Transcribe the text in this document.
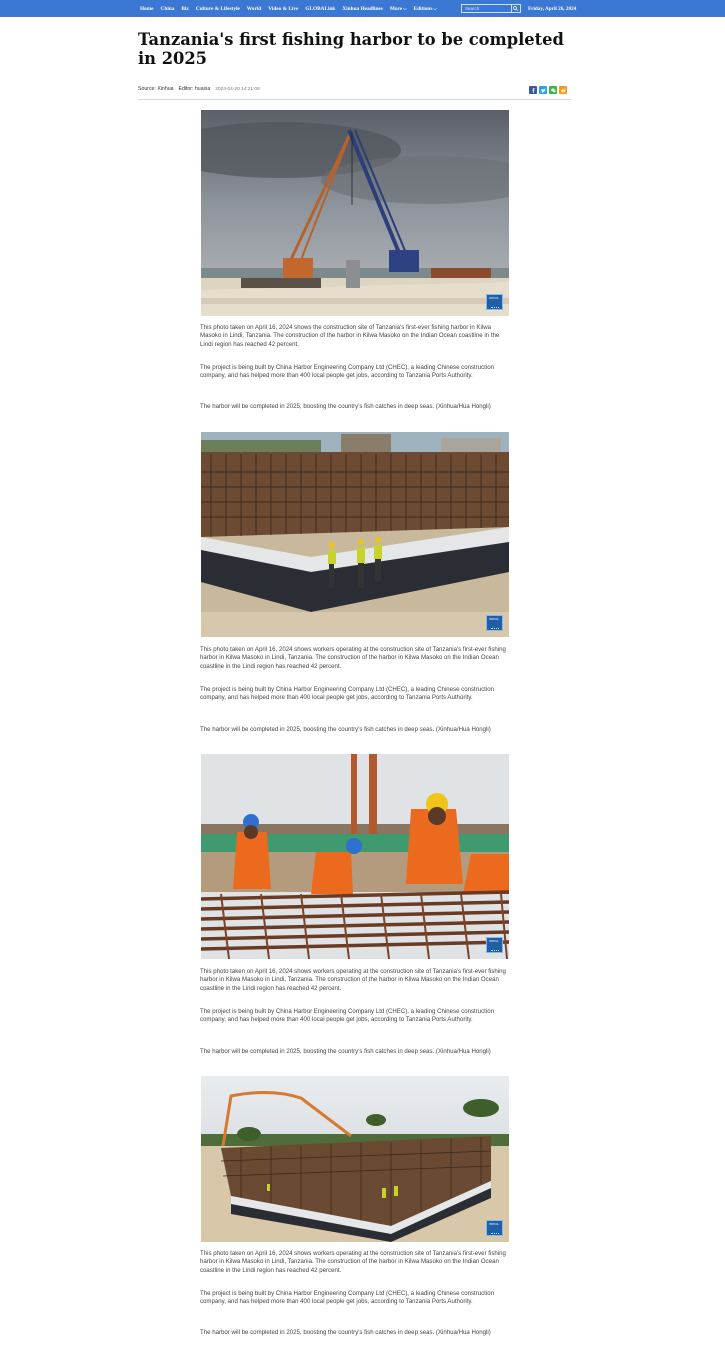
Home China Biz Culture & Lifestyle World Video & Live GLOBALink Xinhua Headlines More⌵ Editions⌵
Search	Friday, April 26, 2024
Tanzania's first fishing harbor to be completed in 2025
Source: Xinhua Editor: huaxia 2024-04-20 14:21:08
XINHUA

This photo taken on April 16, 2024 shows the construction site of Tanzania's first-ever fishing harbor in Kilwa Masoko in Lindi, Tanzania. The construction of the harbor in Kilwa Masoko on the Indian Ocean coastline in the Lindi region has reached 42 percent.

The project is being built by China Harbor Engineering Company Ltd (CHEC), a leading Chinese construction company, and has helped more than 400 local people get jobs, according to Tanzania Ports Authority.

The harbor will be completed in 2025, boosting the country's fish catches in deep seas. (Xinhua/Hua Hongli)

XINHUA

This photo taken on April 16, 2024 shows workers operating at the construction site of Tanzania's first-ever fishing harbor in Kilwa Masoko in Lindi, Tanzania. The construction of the harbor in Kilwa Masoko on the Indian Ocean coastline in the Lindi region has reached 42 percent.

The project is being built by China Harbor Engineering Company Ltd (CHEC), a leading Chinese construction company, and has helped more than 400 local people get jobs, according to Tanzania Ports Authority.

The harbor will be completed in 2025, boosting the country's fish catches in deep seas. (Xinhua/Hua Hongli)

XINHUA

This photo taken on April 16, 2024 shows workers operating at the construction site of Tanzania's first-ever fishing harbor in Kilwa Masoko in Lindi, Tanzania. The construction of the harbor in Kilwa Masoko on the Indian Ocean coastline in the Lindi region has reached 42 percent.

The project is being built by China Harbor Engineering Company Ltd (CHEC), a leading Chinese construction company, and has helped more than 400 local people get jobs, according to Tanzania Ports Authority.

The harbor will be completed in 2025, boosting the country's fish catches in deep seas. (Xinhua/Hua Hongli)

XINHUA

This photo taken on April 16, 2024 shows workers operating at the construction site of Tanzania's first-ever fishing harbor in Kilwa Masoko in Lindi, Tanzania. The construction of the harbor in Kilwa Masoko on the Indian Ocean coastline in the Lindi region has reached 42 percent.

The project is being built by China Harbor Engineering Company Ltd (CHEC), a leading Chinese construction company, and has helped more than 400 local people get jobs, according to Tanzania Ports Authority.

The harbor will be completed in 2025, boosting the country's fish catches in deep seas. (Xinhua/Hua Hongli)
